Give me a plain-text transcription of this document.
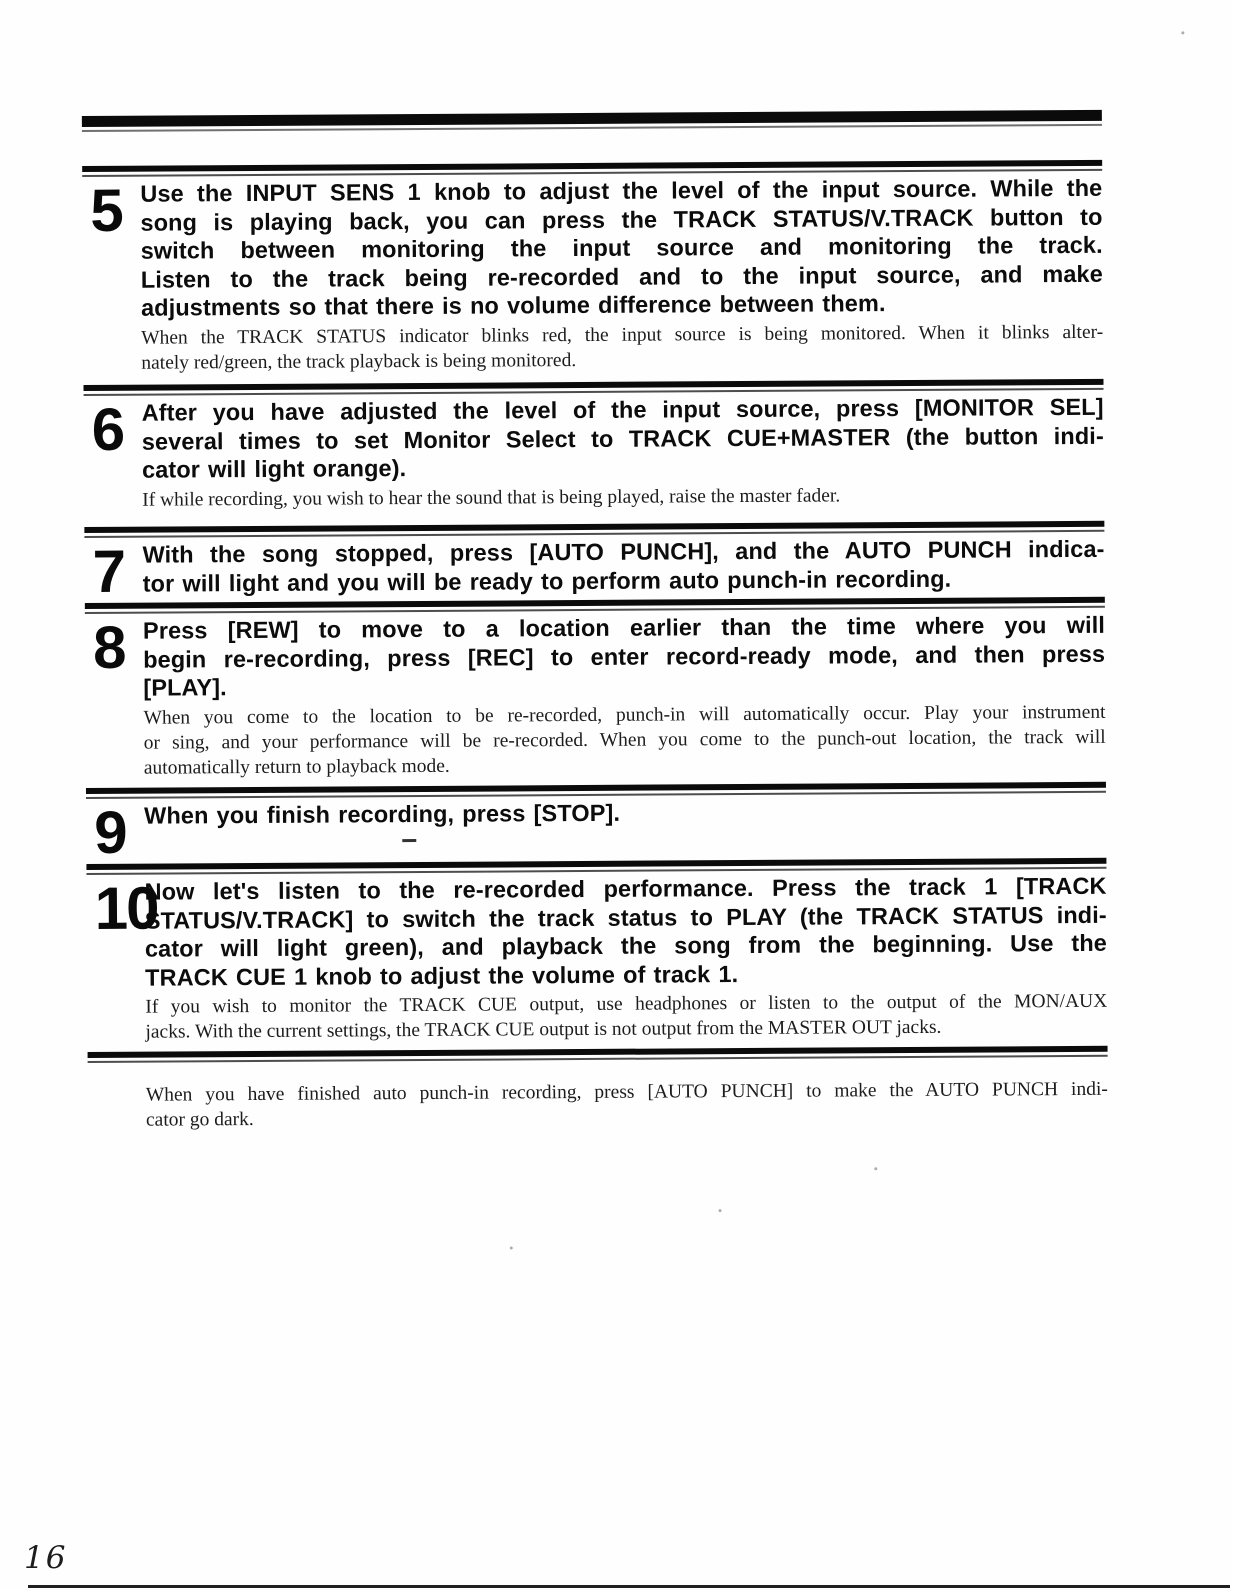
5 Use the INPUT SENS 1 knob to adjust the level of the input source. While the
song is playing back, you can press the TRACK STATUS/V.TRACK button to
switch between monitoring the input source and monitoring the track.
Listen to the track being re-recorded and to the input source, and make
adjustments so that there is no volume difference between them.
When the TRACK STATUS indicator blinks red, the input source is being monitored. When it blinks alter-
nately red/green, the track playback is being monitored.
6 After you have adjusted the level of the input source, press [MONITOR SEL]
several times to set Monitor Select to TRACK CUE+MASTER (the button indi-
cator will light orange).
If while recording, you wish to hear the sound that is being played, raise the master fader.
7 With the song stopped, press [AUTO PUNCH], and the AUTO PUNCH indica-
tor will light and you will be ready to perform auto punch-in recording.
8 Press [REW] to move to a location earlier than the time where you will
begin re-recording, press [REC] to enter record-ready mode, and then press
[PLAY].
When you come to the location to be re-recorded, punch-in will automatically occur. Play your instrument
or sing, and your performance will be re-recorded. When you come to the punch-out location, the track will
automatically return to playback mode.
9 When you finish recording, press [STOP].
10
Now let's listen to the re-recorded performance. Press the track 1 [TRACK
STATUS/V.TRACK] to switch the track status to PLAY (the TRACK STATUS indi-
cator will light green), and playback the song from the beginning. Use the
TRACK CUE 1 knob to adjust the volume of track 1.
If you wish to monitor the TRACK CUE output, use headphones or listen to the output of the MON/AUX
jacks. With the current settings, the TRACK CUE output is not output from the MASTER OUT jacks.
When you have finished auto punch-in recording, press [AUTO PUNCH] to make the AUTO PUNCH indi-
cator go dark.
16
